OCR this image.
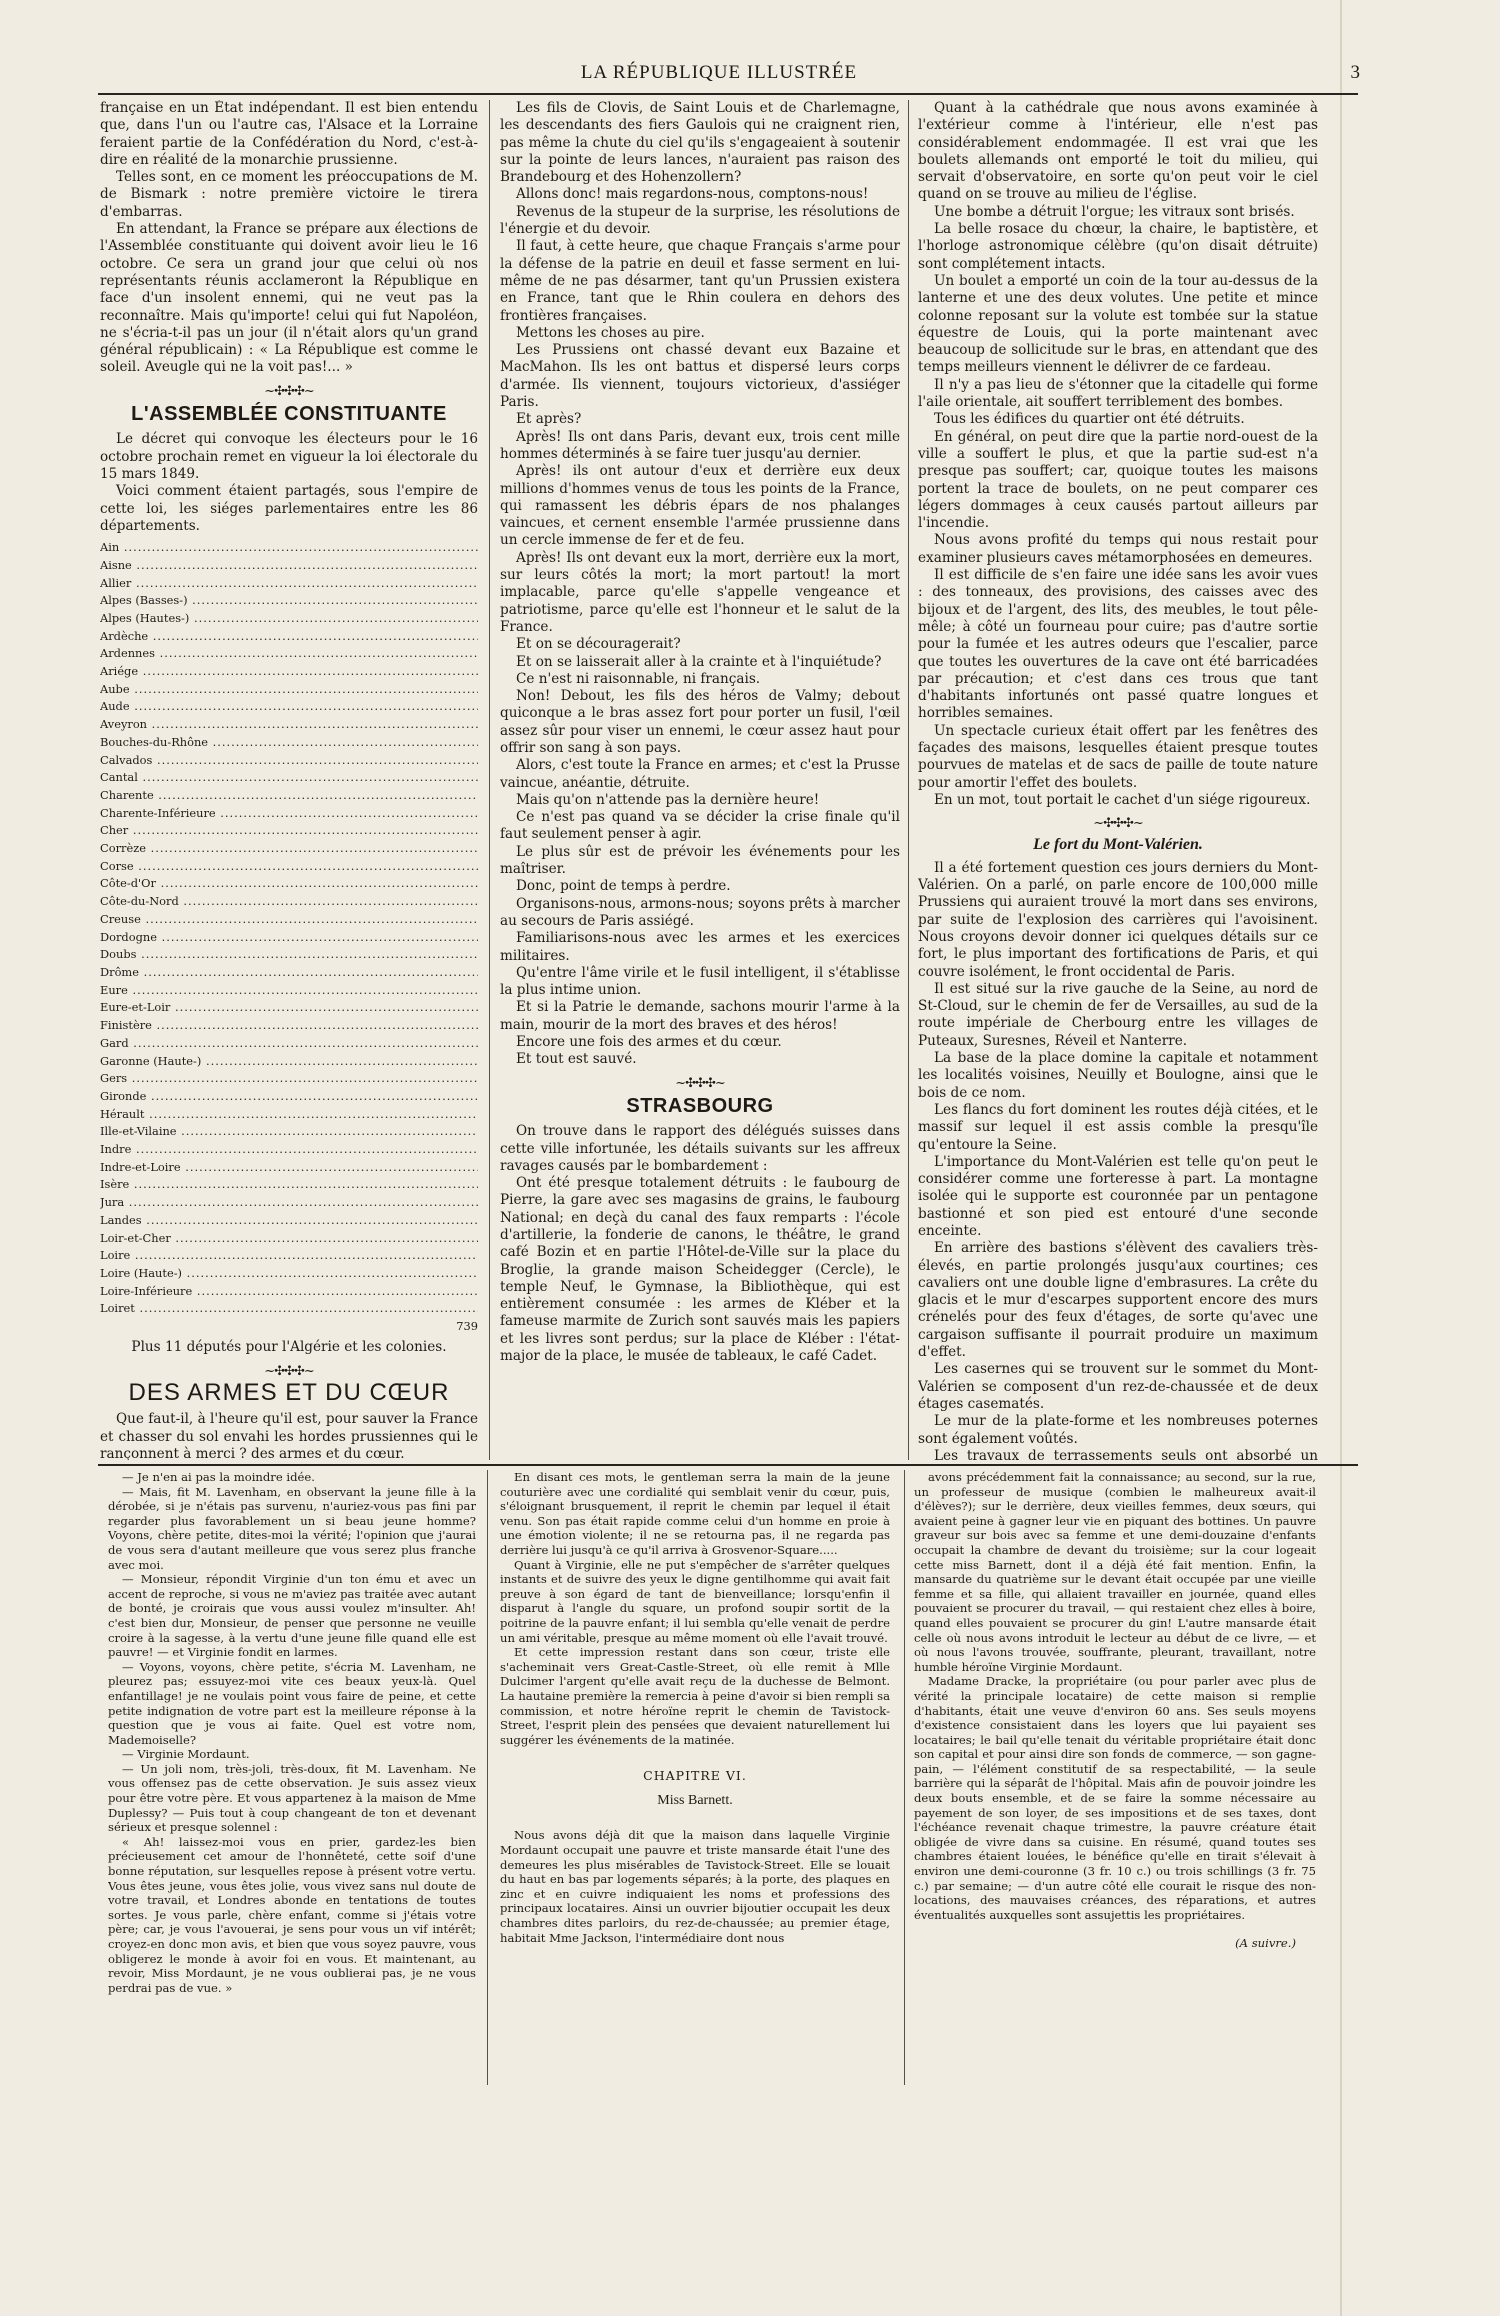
LA RÉPUBLIQUE ILLUSTRÉE	3

française en un État indépendant. Il est bien entendu que, dans l'un ou l'autre cas, l'Alsace et la Lorraine feraient partie de la Confédération du Nord, c'est-à-dire en réalité de la monarchie prussienne.

Telles sont, en ce moment les préoccupations de M. de Bismark : notre première victoire le tirera d'embarras.

En attendant, la France se prépare aux élections de l'Assemblée constituante qui doivent avoir lieu le 16 octobre. Ce sera un grand jour que celui où nos représentants réunis acclameront la République en face d'un insolent ennemi, qui ne veut pas la reconnaître. Mais qu'importe! celui qui fut Napoléon, ne s'écria-t-il pas un jour (il n'était alors qu'un grand général républicain) : « La République est comme le soleil. Aveugle qui ne la voit pas!... »

~✣✣✣~
L'ASSEMBLÉE CONSTITUANTE

Le décret qui convoque les électeurs pour le 16 octobre prochain remet en vigueur la loi électorale du 15 mars 1849.

Voici comment étaient partagés, sous l'empire de cette loi, les siéges parlementaires entre les 86 départements.

Ain .....
Aisne .....
Allier .....
Alpes (Basses-) .....
Alpes (Hautes-) .....
Ardèche .....
Ardennes .....
Ariége .....
Aube .....
Aude .....
Aveyron .....
Bouches-du-Rhône .....
Calvados .....
Cantal .....
Charente .....
Charente-Inférieure .....
Cher .....
Corrèze .....
Corse .....
Côte-d'Or .....
Côte-du-Nord .....
Creuse .....
Dordogne .....
Doubs .....
Drôme .....
Eure .....
Eure-et-Loir .....
Finistère .....
Gard .....
Garonne (Haute-) .....
Gers .....
Gironde .....
Hérault .....
Ille-et-Vilaine .....
Indre .....
Indre-et-Loire .....
Isère .....
Jura .....
Landes .....
Loir-et-Cher .....
Loire .....
Loire (Haute-) .....
Loire-Inférieure .....
Loiret .....
739
Plus 11 députés pour l'Algérie et les colonies.
~✣✣✣~
DES ARMES ET DU CŒUR

Que faut-il, à l'heure qu'il est, pour sauver la France et chasser du sol envahi les hordes prussiennes qui le rançonnent à merci ? des armes et du cœur.

Les fils de Clovis, de Saint Louis et de Charlemagne, les descendants des fiers Gaulois qui ne craignent rien, pas même la chute du ciel qu'ils s'engageaient à soutenir sur la pointe de leurs lances, n'auraient pas raison des Brandebourg et des Hohenzollern?

Allons donc! mais regardons-nous, comptons-nous!

Revenus de la stupeur de la surprise, les résolutions de l'énergie et du devoir.

Il faut, à cette heure, que chaque Français s'arme pour la défense de la patrie en deuil et fasse serment en lui-même de ne pas désarmer, tant qu'un Prussien existera en France, tant que le Rhin coulera en dehors des frontières françaises.

Mettons les choses au pire.

Les Prussiens ont chassé devant eux Bazaine et MacMahon. Ils les ont battus et dispersé leurs corps d'armée. Ils viennent, toujours victorieux, d'assiéger Paris.

Et après?

Après! Ils ont dans Paris, devant eux, trois cent mille hommes déterminés à se faire tuer jusqu'au dernier.

Après! ils ont autour d'eux et derrière eux deux millions d'hommes venus de tous les points de la France, qui ramassent les débris épars de nos phalanges vaincues, et cernent ensemble l'armée prussienne dans un cercle immense de fer et de feu.

Après! Ils ont devant eux la mort, derrière eux la mort, sur leurs côtés la mort; la mort partout! la mort implacable, parce qu'elle s'appelle vengeance et patriotisme, parce qu'elle est l'honneur et le salut de la France.

Et on se découragerait?

Et on se laisserait aller à la crainte et à l'inquiétude?

Ce n'est ni raisonnable, ni français.

Non! Debout, les fils des héros de Valmy; debout quiconque a le bras assez fort pour porter un fusil, l'œil assez sûr pour viser un ennemi, le cœur assez haut pour offrir son sang à son pays.

Alors, c'est toute la France en armes; et c'est la Prusse vaincue, anéantie, détruite.

Mais qu'on n'attende pas la dernière heure!

Ce n'est pas quand va se décider la crise finale qu'il faut seulement penser à agir.

Le plus sûr est de prévoir les événements pour les maîtriser.

Donc, point de temps à perdre.

Organisons-nous, armons-nous; soyons prêts à marcher au secours de Paris assiégé.

Familiarisons-nous avec les armes et les exercices militaires.

Qu'entre l'âme virile et le fusil intelligent, il s'établisse la plus intime union.

Et si la Patrie le demande, sachons mourir l'arme à la main, mourir de la mort des braves et des héros!

Encore une fois des armes et du cœur.

Et tout est sauvé.

~✣✣✣~
STRASBOURG

On trouve dans le rapport des délégués suisses dans cette ville infortunée, les détails suivants sur les affreux ravages causés par le bombardement :

Ont été presque totalement détruits : le faubourg de Pierre, la gare avec ses magasins de grains, le faubourg National; en deçà du canal des faux remparts : l'école d'artillerie, la fonderie de canons, le théâtre, le grand café Bozin et en partie l'Hôtel-de-Ville sur la place du Broglie, la grande maison Scheidegger (Cercle), le temple Neuf, le Gymnase, la Bibliothèque, qui est entièrement consumée : les armes de Kléber et la fameuse marmite de Zurich sont sauvés mais les papiers et les livres sont perdus; sur la place de Kléber : l'état-major de la place, le musée de tableaux, le café Cadet.

Quant à la cathédrale que nous avons examinée à l'extérieur comme à l'intérieur, elle n'est pas considérablement endommagée. Il est vrai que les boulets allemands ont emporté le toit du milieu, qui servait d'observatoire, en sorte qu'on peut voir le ciel quand on se trouve au milieu de l'église.

Une bombe a détruit l'orgue; les vitraux sont brisés.

La belle rosace du chœur, la chaire, le baptistère, et l'horloge astronomique célèbre (qu'on disait détruite) sont complétement intacts.

Un boulet a emporté un coin de la tour au-dessus de la lanterne et une des deux volutes. Une petite et mince colonne reposant sur la volute est tombée sur la statue équestre de Louis, qui la porte maintenant avec beaucoup de sollicitude sur le bras, en attendant que des temps meilleurs viennent le délivrer de ce fardeau.

Il n'y a pas lieu de s'étonner que la citadelle qui forme l'aile orientale, ait souffert terriblement des bombes.

Tous les édifices du quartier ont été détruits.

En général, on peut dire que la partie nord-ouest de la ville a souffert le plus, et que la partie sud-est n'a presque pas souffert; car, quoique toutes les maisons portent la trace de boulets, on ne peut comparer ces légers dommages à ceux causés partout ailleurs par l'incendie.

Nous avons profité du temps qui nous restait pour examiner plusieurs caves métamorphosées en demeures.

Il est difficile de s'en faire une idée sans les avoir vues : des tonneaux, des provisions, des caisses avec des bijoux et de l'argent, des lits, des meubles, le tout pêle-mêle; à côté un fourneau pour cuire; pas d'autre sortie pour la fumée et les autres odeurs que l'escalier, parce que toutes les ouvertures de la cave ont été barricadées par précaution; et c'est dans ces trous que tant d'habitants infortunés ont passé quatre longues et horribles semaines.

Un spectacle curieux était offert par les fenêtres des façades des maisons, lesquelles étaient presque toutes pourvues de matelas et de sacs de paille de toute nature pour amortir l'effet des boulets.

En un mot, tout portait le cachet d'un siége rigoureux.

~✣✣✣~
Le fort du Mont-Valérien.

Il a été fortement question ces jours derniers du Mont-Valérien. On a parlé, on parle encore de 100,000 mille Prussiens qui auraient trouvé la mort dans ses environs, par suite de l'explosion des carrières qui l'avoisinent. Nous croyons devoir donner ici quelques détails sur ce fort, le plus important des fortifications de Paris, et qui couvre isolément, le front occidental de Paris.

Il est situé sur la rive gauche de la Seine, au nord de St-Cloud, sur le chemin de fer de Versailles, au sud de la route impériale de Cherbourg entre les villages de Puteaux, Suresnes, Réveil et Nanterre.

La base de la place domine la capitale et notamment les localités voisines, Neuilly et Boulogne, ainsi que le bois de ce nom.

Les flancs du fort dominent les routes déjà citées, et le massif sur lequel il est assis comble la presqu'île qu'entoure la Seine.

L'importance du Mont-Valérien est telle qu'on peut le considérer comme une forteresse à part. La montagne isolée qui le supporte est couronnée par un pentagone bastionné et son pied est entouré d'une seconde enceinte.

En arrière des bastions s'élèvent des cavaliers très-élevés, en partie prolongés jusqu'aux courtines; ces cavaliers ont une double ligne d'embrasures. La crête du glacis et le mur d'escarpes supportent encore des murs crénelés pour des feux d'étages, de sorte qu'avec une cargaison suffisante il pourrait produire un maximum d'effet.

Les casernes qui se trouvent sur le sommet du Mont-Valérien se composent d'un rez-de-chaussée et de deux étages casematés.

Le mur de la plate-forme et les nombreuses poternes sont également voûtés.

Les travaux de terrassements seuls ont absorbé un

— Je n'en ai pas la moindre idée.

— Mais, fit M. Lavenham, en observant la jeune fille à la dérobée, si je n'étais pas survenu, n'auriez-vous pas fini par regarder plus favorablement un si beau jeune homme? Voyons, chère petite, dites-moi la vérité; l'opinion que j'aurai de vous sera d'autant meilleure que vous serez plus franche avec moi.

— Monsieur, répondit Virginie d'un ton ému et avec un accent de reproche, si vous ne m'aviez pas traitée avec autant de bonté, je croirais que vous aussi voulez m'insulter. Ah! c'est bien dur, Monsieur, de penser que personne ne veuille croire à la sagesse, à la vertu d'une jeune fille quand elle est pauvre! — et Virginie fondit en larmes.

— Voyons, voyons, chère petite, s'écria M. Lavenham, ne pleurez pas; essuyez-moi vite ces beaux yeux-là. Quel enfantillage! je ne voulais point vous faire de peine, et cette petite indignation de votre part est la meilleure réponse à la question que je vous ai faite. Quel est votre nom, Mademoiselle?

— Virginie Mordaunt.

— Un joli nom, très-joli, très-doux, fit M. Lavenham. Ne vous offensez pas de cette observation. Je suis assez vieux pour être votre père. Et vous appartenez à la maison de Mme Duplessy? — Puis tout à coup changeant de ton et devenant sérieux et presque solennel :

« Ah! laissez-moi vous en prier, gardez-les bien précieusement cet amour de l'honnêteté, cette soif d'une bonne réputation, sur lesquelles repose à présent votre vertu. Vous êtes jeune, vous êtes jolie, vous vivez sans nul doute de votre travail, et Londres abonde en tentations de toutes sortes. Je vous parle, chère enfant, comme si j'étais votre père; car, je vous l'avouerai, je sens pour vous un vif intérêt; croyez-en donc mon avis, et bien que vous soyez pauvre, vous obligerez le monde à avoir foi en vous. Et maintenant, au revoir, Miss Mordaunt, je ne vous oublierai pas, je ne vous perdrai pas de vue. »

En disant ces mots, le gentleman serra la main de la jeune couturière avec une cordialité qui semblait venir du cœur, puis, s'éloignant brusquement, il reprit le chemin par lequel il était venu. Son pas était rapide comme celui d'un homme en proie à une émotion violente; il ne se retourna pas, il ne regarda pas derrière lui jusqu'à ce qu'il arriva à Grosvenor-Square.....

Quant à Virginie, elle ne put s'empêcher de s'arrêter quelques instants et de suivre des yeux le digne gentilhomme qui avait fait preuve à son égard de tant de bienveillance; lorsqu'enfin il disparut à l'angle du square, un profond soupir sortit de la poitrine de la pauvre enfant; il lui sembla qu'elle venait de perdre un ami véritable, presque au même moment où elle l'avait trouvé.

Et cette impression restant dans son cœur, triste elle s'acheminait vers Great-Castle-Street, où elle remit à Mlle Dulcimer l'argent qu'elle avait reçu de la duchesse de Belmont. La hautaine première la remercia à peine d'avoir si bien rempli sa commission, et notre héroïne reprit le chemin de Tavistock-Street, l'esprit plein des pensées que devaient naturellement lui suggérer les événements de la matinée.

CHAPITRE VI.
Miss Barnett.

Nous avons déjà dit que la maison dans laquelle Virginie Mordaunt occupait une pauvre et triste mansarde était l'une des demeures les plus misérables de Tavistock-Street. Elle se louait du haut en bas par logements séparés; à la porte, des plaques en zinc et en cuivre indiquaient les noms et professions des principaux locataires. Ainsi un ouvrier bijoutier occupait les deux chambres dites parloirs, du rez-de-chaussée; au premier étage, habitait Mme Jackson, l'intermédiaire dont nous

avons précédemment fait la connaissance; au second, sur la rue, un professeur de musique (combien le malheureux avait-il d'élèves?); sur le derrière, deux vieilles femmes, deux sœurs, qui avaient peine à gagner leur vie en piquant des bottines. Un pauvre graveur sur bois avec sa femme et une demi-douzaine d'enfants occupait la chambre de devant du troisième; sur la cour logeait cette miss Barnett, dont il a déjà été fait mention. Enfin, la mansarde du quatrième sur le devant était occupée par une vieille femme et sa fille, qui allaient travailler en journée, quand elles pouvaient se procurer du travail, — qui restaient chez elles à boire, quand elles pouvaient se procurer du gin! L'autre mansarde était celle où nous avons introduit le lecteur au début de ce livre, — et où nous l'avons trouvée, souffrante, pleurant, travaillant, notre humble héroïne Virginie Mordaunt.

Madame Dracke, la propriétaire (ou pour parler avec plus de vérité la principale locataire) de cette maison si remplie d'habitants, était une veuve d'environ 60 ans. Ses seuls moyens d'existence consistaient dans les loyers que lui payaient ses locataires; le bail qu'elle tenait du véritable propriétaire était donc son capital et pour ainsi dire son fonds de commerce, — son gagne-pain, — l'élément constitutif de sa respectabilité, — la seule barrière qui la séparât de l'hôpital. Mais afin de pouvoir joindre les deux bouts ensemble, et de se faire la somme nécessaire au payement de son loyer, de ses impositions et de ses taxes, dont l'échéance revenait chaque trimestre, la pauvre créature était obligée de vivre dans sa cuisine. En résumé, quand toutes ses chambres étaient louées, le bénéfice qu'elle en tirait s'élevait à environ une demi-couronne (3 fr. 10 c.) ou trois schillings (3 fr. 75 c.) par semaine; — d'un autre côté elle courait le risque des non-locations, des mauvaises créances, des réparations, et autres éventualités auxquelles sont assujettis les propriétaires.

(A suivre.)
